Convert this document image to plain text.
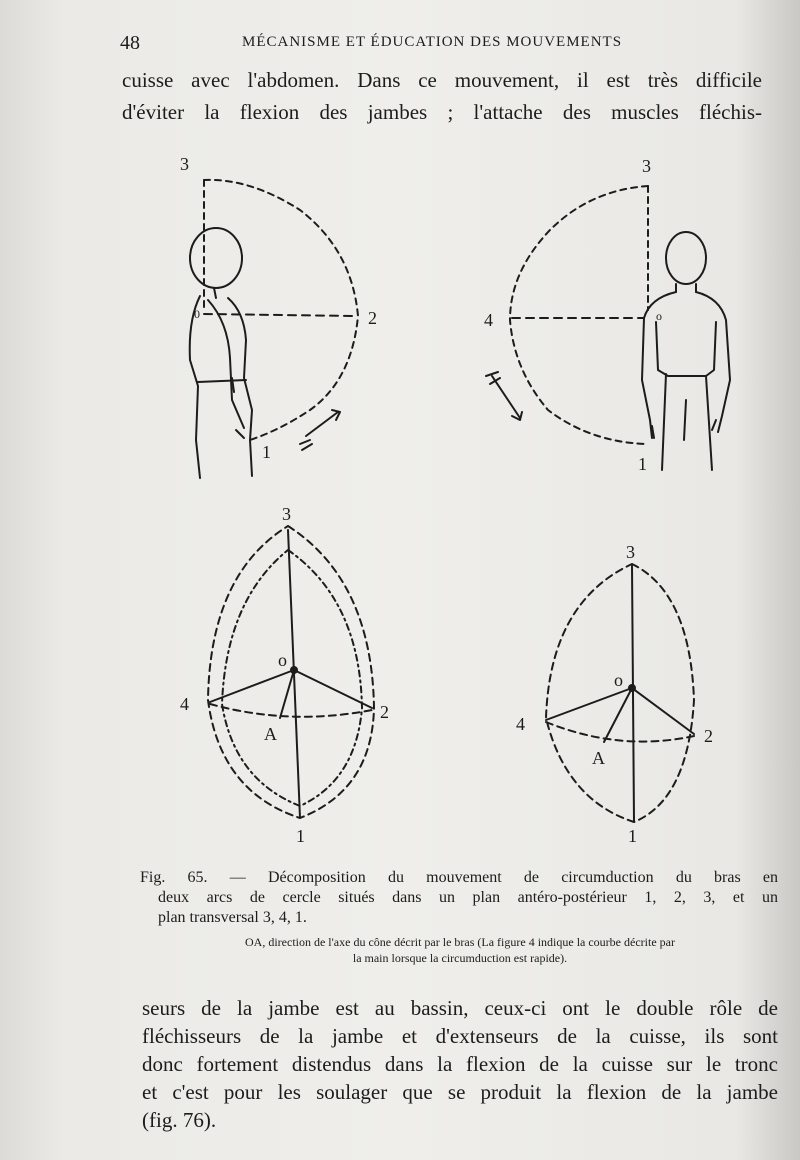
48	MÉCANISME ET ÉDUCATION DES MOUVEMENTS
cuisse avec l'abdomen. Dans ce mouvement, il est très difficile
d'éviter la flexion des jambes ; l'attache des muscles fléchis-
3
2
1
0
3
4
1
o
3
4	2
1
o
A
3
4
2
1
o
A
Fig. 65. — Décomposition du mouvement de circumduction du bras en
deux arcs de cercle situés dans un plan antéro-postérieur 1, 2, 3, et un
plan transversal 3, 4, 1.
OA, direction de l'axe du cône décrit par le bras (La figure 4 indique la courbe décrite par
la main lorsque la circumduction est rapide).
seurs de la jambe est au bassin, ceux-ci ont le double rôle de
fléchisseurs de la jambe et d'extenseurs de la cuisse, ils sont
donc fortement distendus dans la flexion de la cuisse sur le tronc
et c'est pour les soulager que se produit la flexion de la jambe
(fig. 76).
